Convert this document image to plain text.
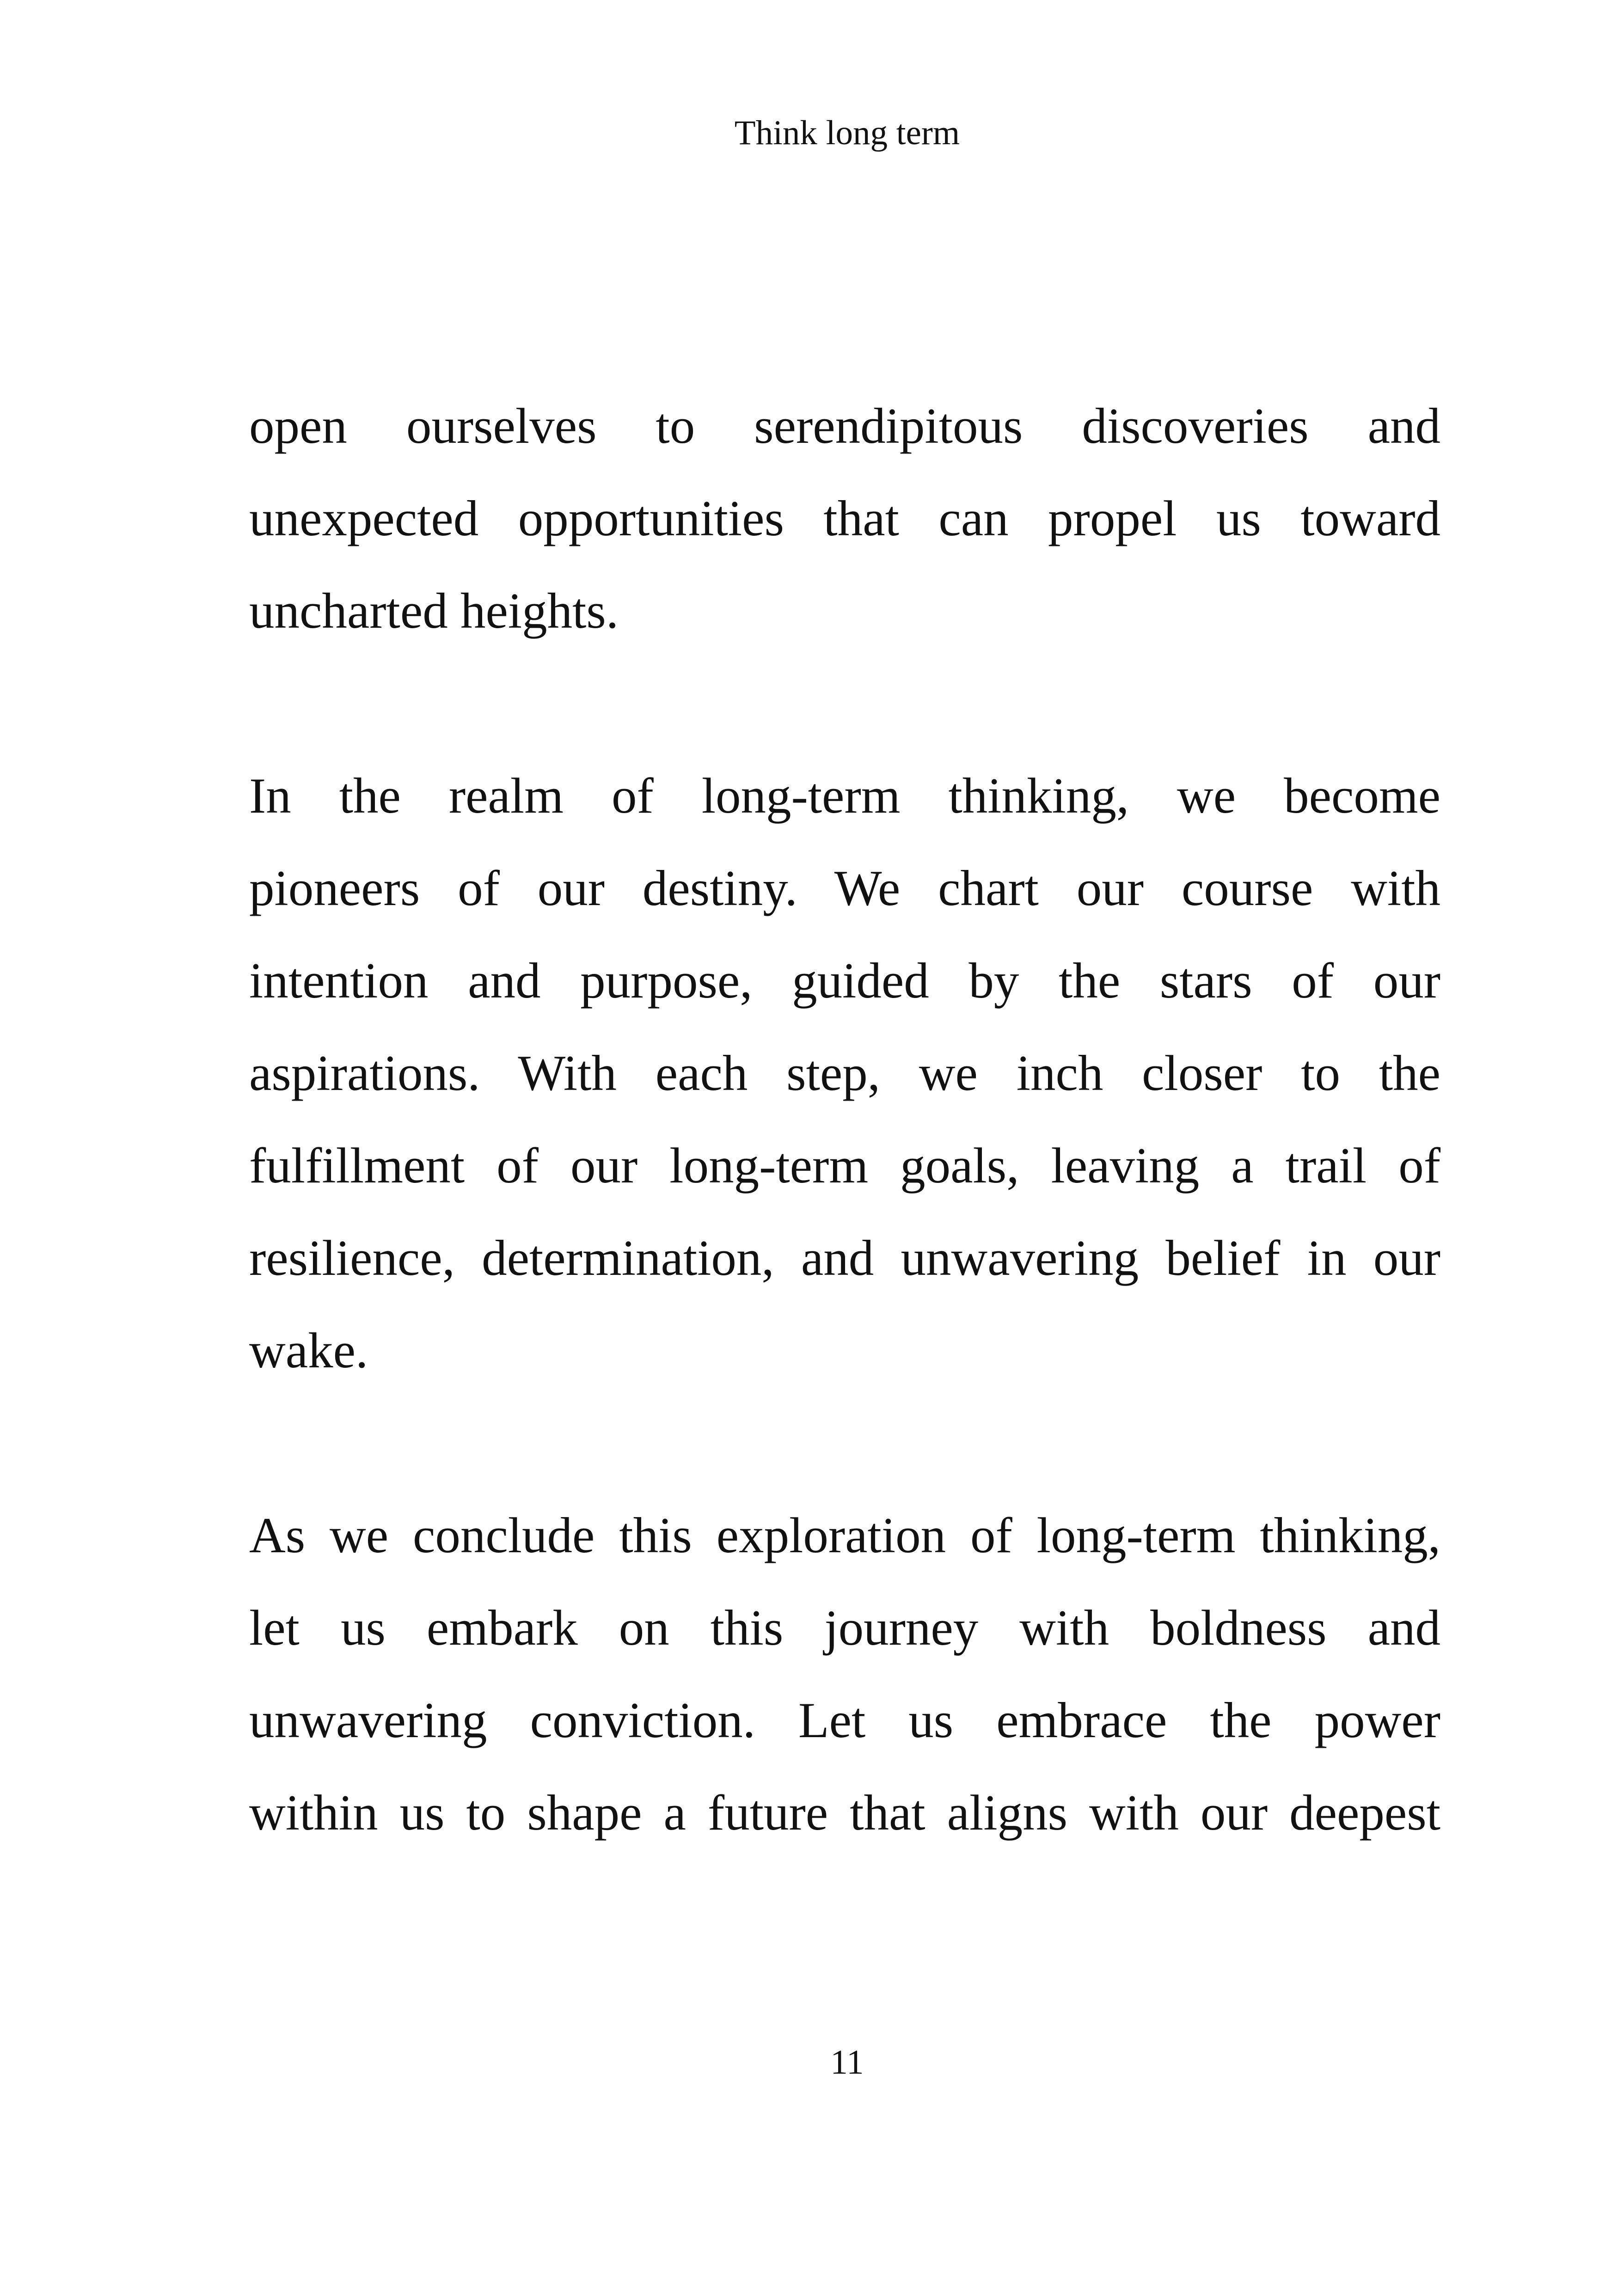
Think long term
open ourselves to serendipitous discoveries and
unexpected opportunities that can propel us toward
uncharted heights.
In the realm of long-term thinking, we become
pioneers of our destiny. We chart our course with
intention and purpose, guided by the stars of our
aspirations. With each step, we inch closer to the
fulfillment of our long-term goals, leaving a trail of
resilience, determination, and unwavering belief in our
wake.
As we conclude this exploration of long-term thinking,
let us embark on this journey with boldness and
unwavering conviction. Let us embrace the power
within us to shape a future that aligns with our deepest
11
